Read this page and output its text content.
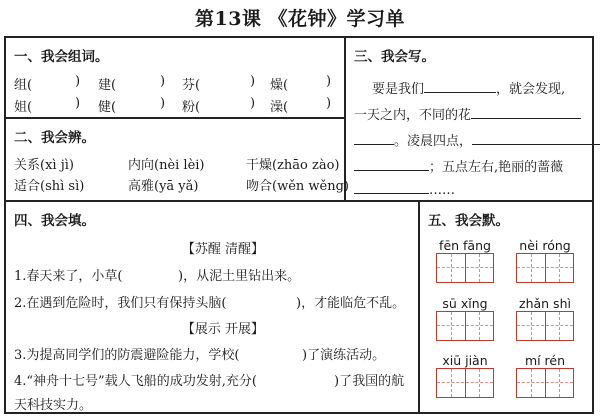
第13课 《花钟》学习单
一、我会组词。
组(	) 建(	) 芬(	) 燥(	)
姐(	) 健(	) 粉(	) 澡(	)
二、我会辨。
关系(xì jì)	内向(nèi lèi)	干燥(zhāo zào)
适合(shì sì)	高雅(yā yǎ)	吻合(wěn wěng)
三、我会写。
要是我们	，就会发现,
一天之内，不同的花
。凌晨四点，
；五点左右,艳丽的蔷薇
……
四、我会填。
【苏醒 清醒】
1.春天来了，小草(	)，从泥土里钻出来。
2.在遇到危险时，我们只有保持头脑(	)，才能临危不乱。
【展示 开展】
3.为提高同学们的防震避险能力，学校(	)了演练活动。
4.“神舟十七号”载人飞船的成功发射,充分(	)了我国的航
天科技实力。
五、我会默。
fēn fāng	nèi róng
sū xǐng	zhǎn shì
xiū jiàn	mí rén
